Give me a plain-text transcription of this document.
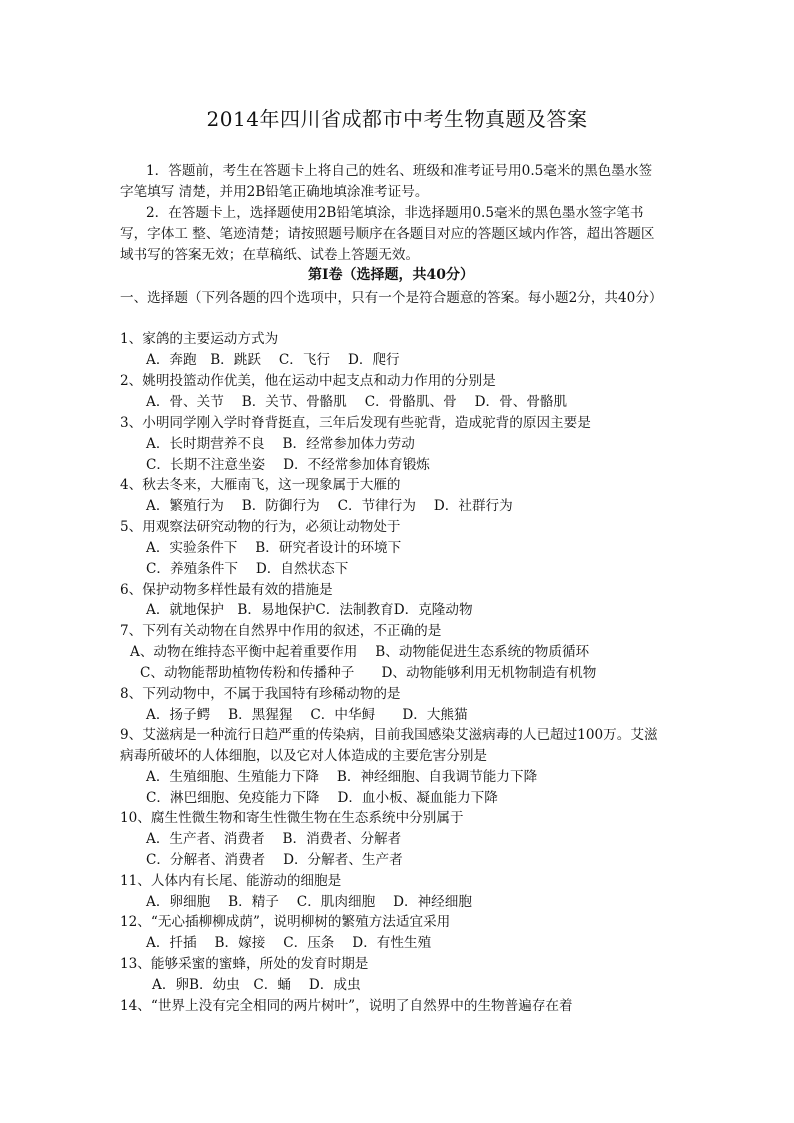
2014年四川省成都市中考生物真题及答案
1．答题前，考生在答题卡上将自己的姓名、班级和准考证号用0.5毫米的黑色墨水签
字笔填写 清楚，并用2B铅笔正确地填涂准考证号。
2．在答题卡上，选择题使用2B铅笔填涂，非选择题用0.5毫米的黑色墨水签字笔书
写，字体工 整、笔迹清楚；请按照题号顺序在各题目对应的答题区域内作答，超出答题区
域书写的答案无效；在草稿纸、试卷上答题无效。
第Ⅰ卷（选择题，共40分）
一、选择题（下列各题的四个选项中，只有一个是符合题意的答案。每小题2分，共40分）
1、家鸽的主要运动方式为
A．奔跑　B．跳跃　 C．飞行　 D．爬行
2、姚明投篮动作优美，他在运动中起支点和动力作用的分别是
A．骨、关节　 B．关节、骨骼肌　 C．骨骼肌、骨　 D．骨、骨骼肌
3、小明同学刚入学时脊背挺直，三年后发现有些驼背，造成驼背的原因主要是
A．长时期营养不良　 B．经常参加体力劳动
C．长期不注意坐姿　 D．不经常参加体育锻炼
4、秋去冬来，大雁南飞，这一现象属于大雁的
A．繁殖行为　 B．防御行为　 C．节律行为　 D．社群行为
5、用观察法研究动物的行为，必须让动物处于
A．实验条件下　 B．研究者设计的环境下
C．养殖条件下　 D．自然状态下
6、保护动物多样性最有效的措施是
A．就地保护　B．易地保护C．法制教育D．克隆动物
7、下列有关动物在自然界中作用的叙述，不正确的是
A、动物在维持态平衡中起着重要作用　 B、动物能促进生态系统的物质循环
C、动物能帮助植物传粉和传播种子　　D、动物能够利用无机物制造有机物
8、下列动物中，不属于我国特有珍稀动物的是
A．扬子鳄　 B．黑猩猩　 C．中华鲟　　D．大熊猫
9、艾滋病是一种流行日趋严重的传染病，目前我国感染艾滋病毒的人已超过100万。艾滋
病毒所破坏的人体细胞，以及它对人体造成的主要危害分别是
A．生殖细胞、生殖能力下降　 B．神经细胞、自我调节能力下降
C．淋巴细胞、免疫能力下降　 D．血小板、凝血能力下降
10、腐生性微生物和寄生性微生物在生态系统中分别属于
A．生产者、消费者　 B．消费者、分解者
C．分解者、消费者　 D．分解者、生产者
11、人体内有长尾、能游动的细胞是
A．卵细胞　 B．精子　 C．肌肉细胞　 D．神经细胞
12、“无心插柳柳成荫”，说明柳树的繁殖方法适宜采用
A．扦插　 B．嫁接　 C．压条　 D．有性生殖
13、能够采蜜的蜜蜂，所处的发育时期是
A．卵B．幼虫　C．蛹　 D．成虫
14、“世界上没有完全相同的两片树叶”，说明了自然界中的生物普遍存在着
